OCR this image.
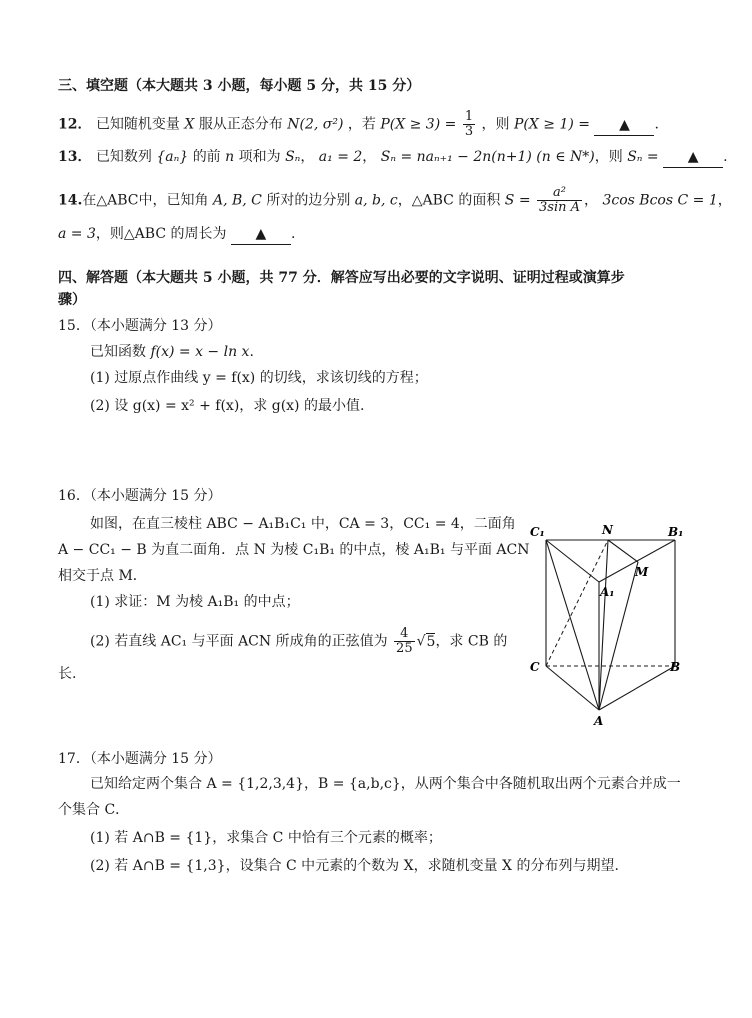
三、填空题（本大题共 3 小题，每小题 5 分，共 15 分）
12． 已知随机变量 X 服从正态分布 N(2, σ²) ，若 $P(X \ge 3) = \frac{1}{3}$ ，则 P(X ≥ 1) = ▲ .
13． 已知数列 {aₙ} 的前 n 项和为 Sₙ， a₁ = 2， Sₙ = naₙ₊₁ − 2n(n+1) (n ∈ N*)，则 Sₙ = ▲ .
14.在△ABC中，已知角 A, B, C 所对的边分别 a, b, c，△ABC 的面积 $S = \frac{\text{a²}}{\text{3sin A}}$ ， 3cos Bcos C = 1，
a = 3，则△ABC 的周长为 ▲ .
四、解答题（本大题共 5 小题，共 77 分．解答应写出必要的文字说明、证明过程或演算步
骤）
15．（本小题满分 13 分）
已知函数 f(x) = x − ln x.
(1) 过原点作曲线 y = f(x) 的切线，求该切线的方程；
(2) 设 g(x) = x² + f(x)，求 g(x) 的最小值.
16．（本小题满分 15 分）
如图，在直三棱柱 ABC − A₁B₁C₁ 中，CA = 3，CC₁ = 4，二面角
A − CC₁ − B 为直二面角．点 N 为棱 C₁B₁ 的中点，棱 A₁B₁ 与平面 ACN
相交于点 M．
(1) 求证：M 为棱 A₁B₁ 的中点；
(2) 若直线 AC₁ 与平面 ACN 所成角的正弦值为 $\frac{4}{25} √5$，求 CB 的
长.
C₁	N	B₁
M
A₁
C	B
A
17．（本小题满分 15 分）
已知给定两个集合 A = {1,2,3,4}，B = {a,b,c}，从两个集合中各随机取出两个元素合并成一
个集合 C．
(1) 若 A∩B = {1}，求集合 C 中恰有三个元素的概率；
(2) 若 A∩B = {1,3}，设集合 C 中元素的个数为 X，求随机变量 X 的分布列与期望.
